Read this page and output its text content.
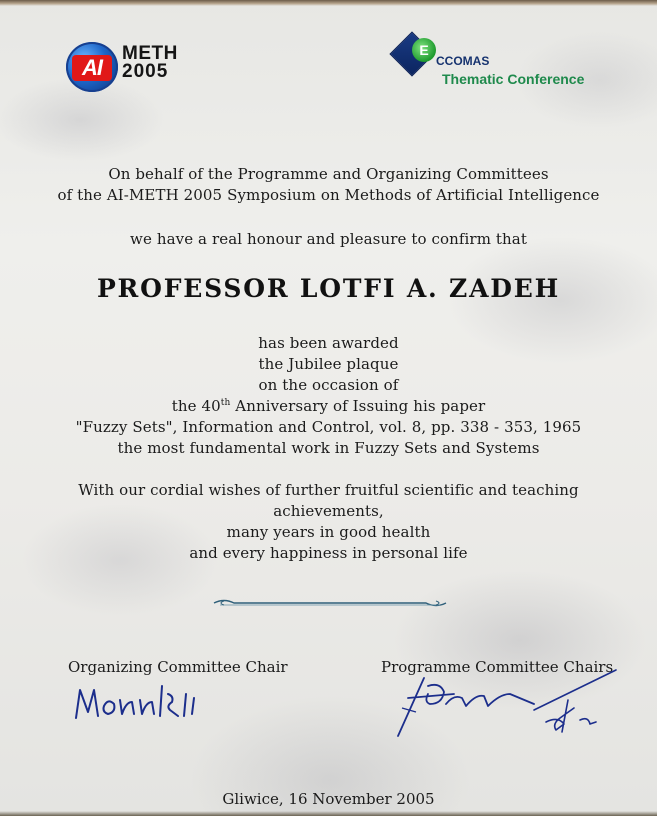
AI
METH
2005
E
CCOMAS
Thematic Conference
On behalf of the Programme and Organizing Committees
of the AI-METH 2005 Symposium on Methods of Artificial Intelligence
we have a real honour and pleasure to confirm that
PROFESSOR LOTFI A. ZADEH
has been awarded
the Jubilee plaque
on the occasion of
the 40th Anniversary of Issuing his paper
"Fuzzy Sets", Information and Control, vol. 8, pp. 338 - 353, 1965
the most fundamental work in Fuzzy Sets and Systems
With our cordial wishes of further fruitful scientific and teaching
achievements,
many years in good health
and every happiness in personal life
Organizing Committee Chair	Programme Committee Chairs
Gliwice, 16 November 2005
